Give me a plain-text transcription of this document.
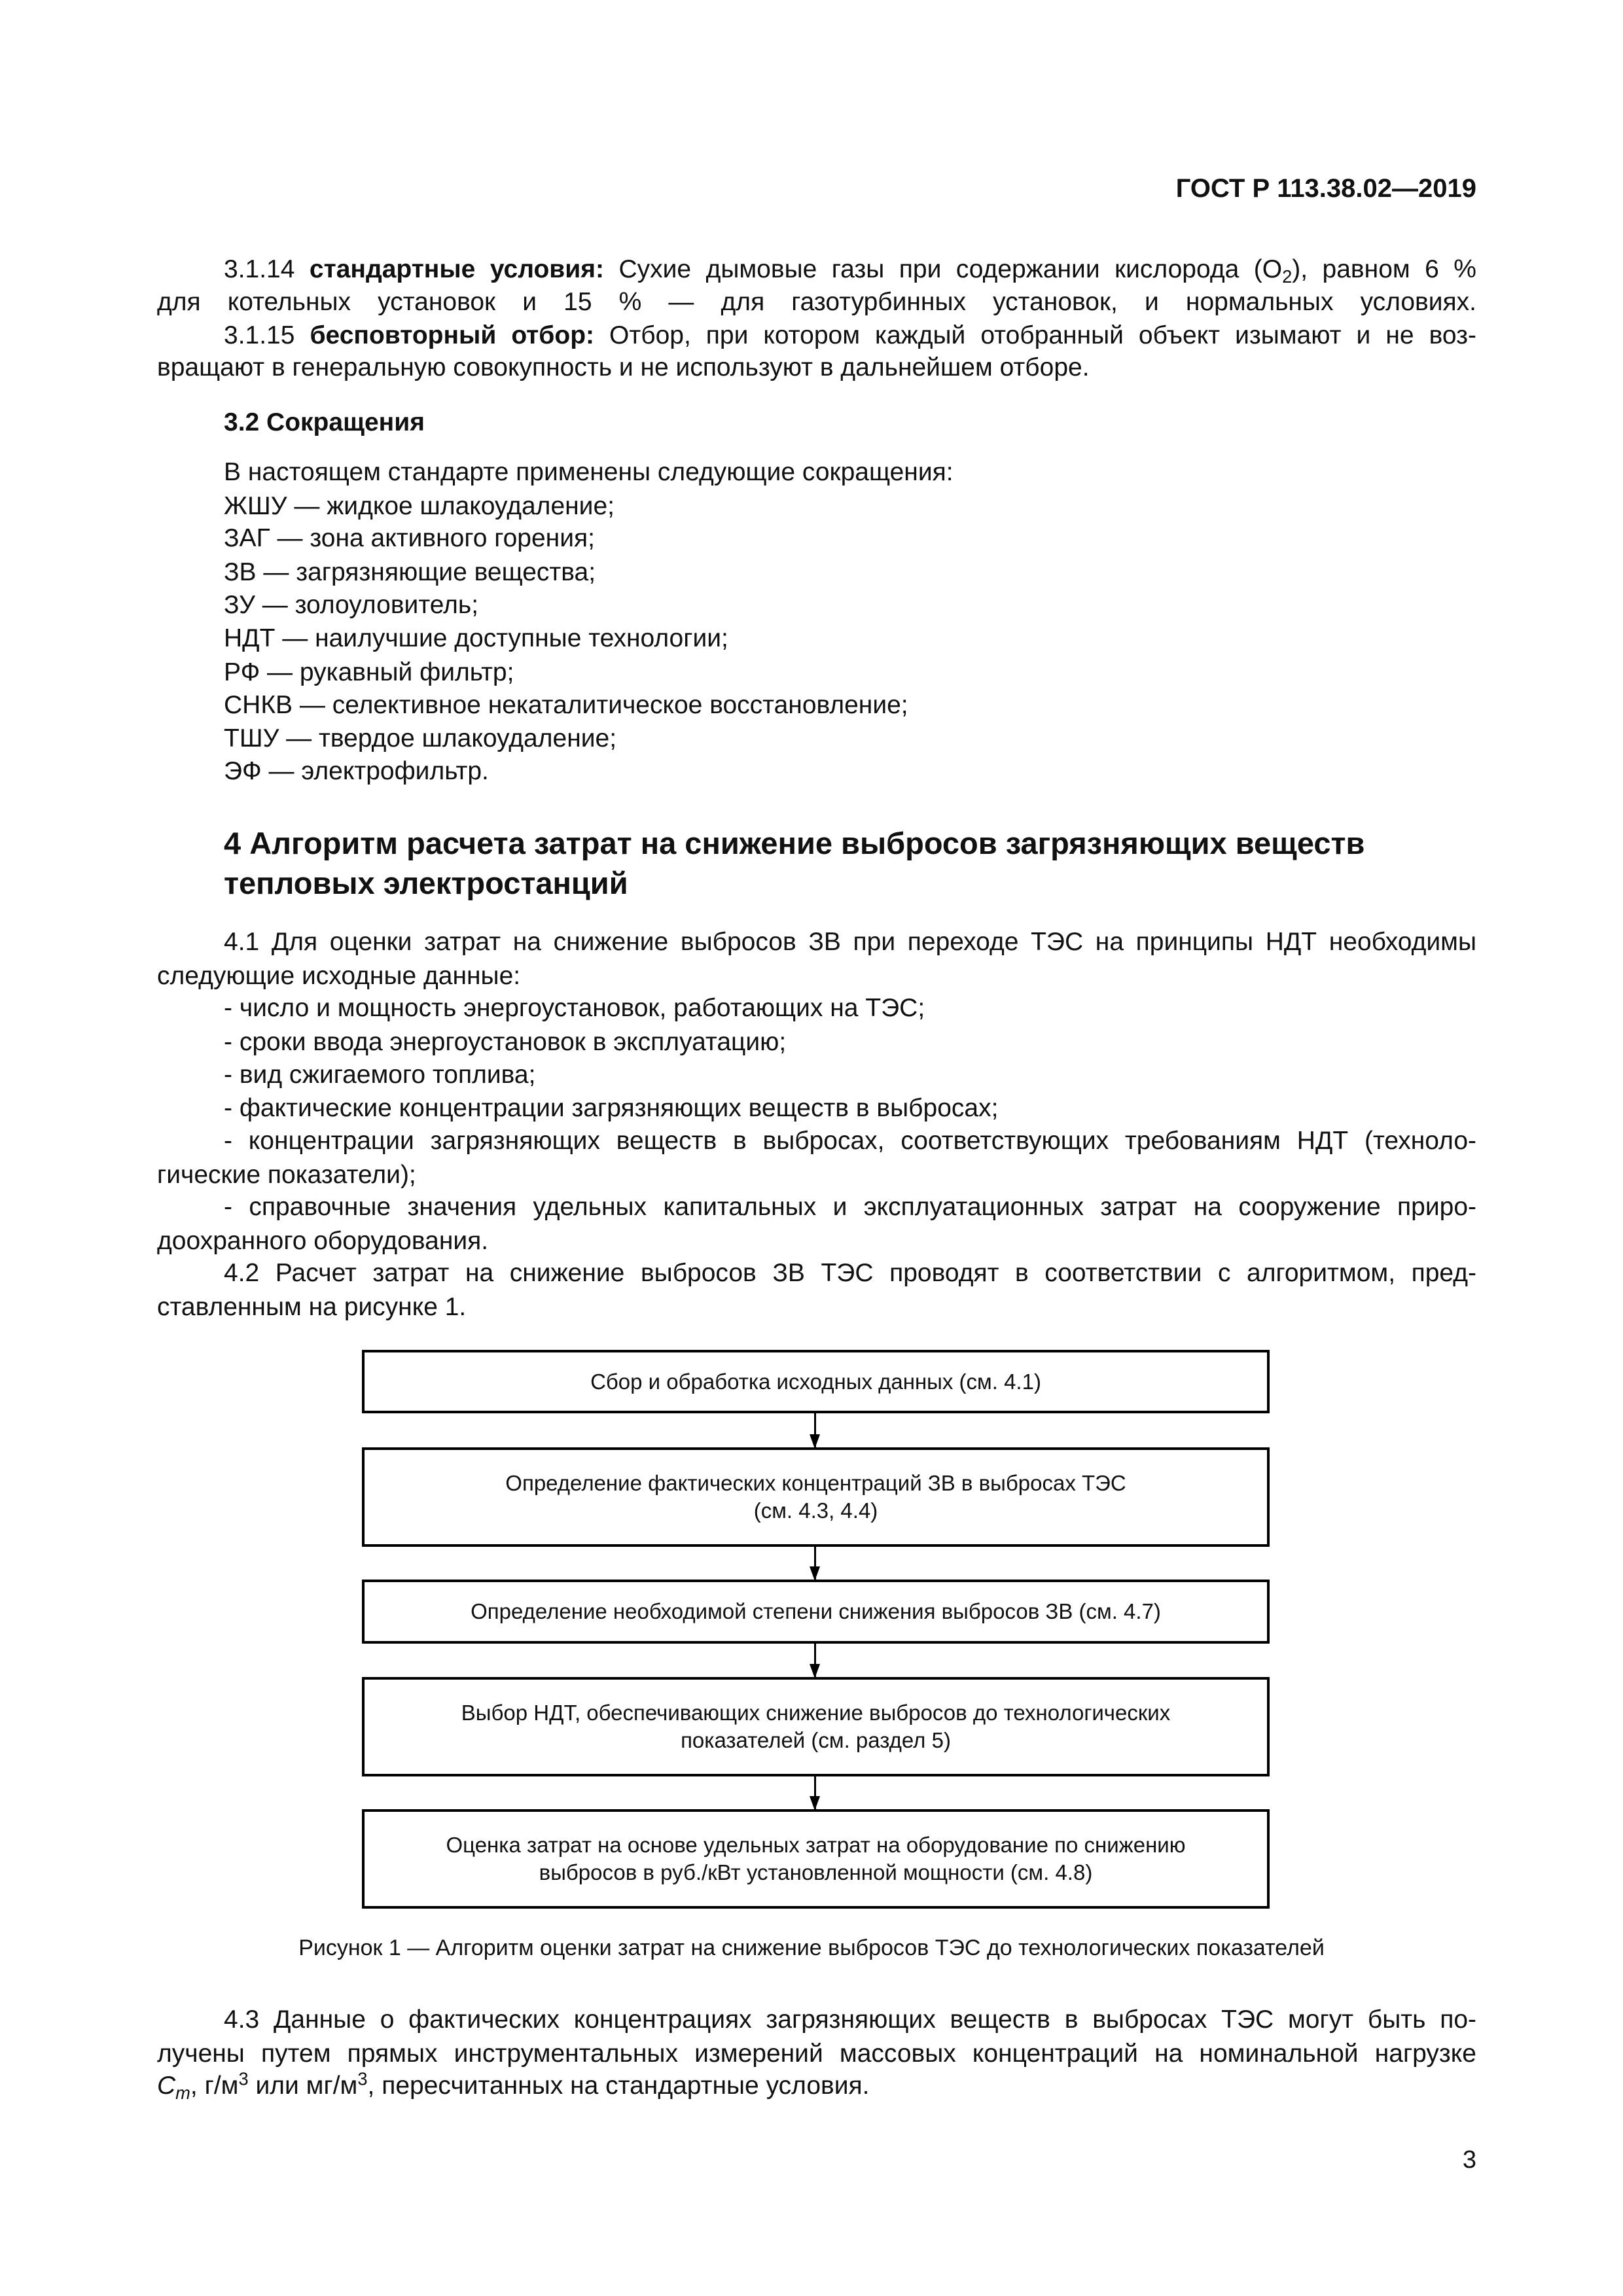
ГОСТ Р 113.38.02—2019
3.1.14 стандартные условия: Сухие дымовые газы при содержании кислорода $(O_2)$, равном 6 %
для котельных установок и 15 % — для газотурбинных установок, и нормальных условиях.
3.1.15 бесповторный отбор: Отбор, при котором каждый отобранный объект изымают и не воз-
вращают в генеральную совокупность и не используют в дальнейшем отборе.
3.2 Сокращения
В настоящем стандарте применены следующие сокращения:
ЖШУ — жидкое шлакоудаление;
ЗАГ — зона активного горения;
ЗВ — загрязняющие вещества;
ЗУ — золоуловитель;
НДТ — наилучшие доступные технологии;
РФ — рукавный фильтр;
СНКВ — селективное некаталитическое восстановление;
ТШУ — твердое шлакоудаление;
ЭФ — электрофильтр.
4 Алгоритм расчета затрат на снижение выбросов загрязняющих веществ
тепловых электростанций
4.1 Для оценки затрат на снижение выбросов ЗВ при переходе ТЭС на принципы НДТ необходимы
следующие исходные данные:
- число и мощность энергоустановок, работающих на ТЭС;
- сроки ввода энергоустановок в эксплуатацию;
- вид сжигаемого топлива;
- фактические концентрации загрязняющих веществ в выбросах;
- концентрации загрязняющих веществ в выбросах, соответствующих требованиям НДТ (техноло-
гические показатели);
- справочные значения удельных капитальных и эксплуатационных затрат на сооружение приро-
доохранного оборудования.
4.2 Расчет затрат на снижение выбросов ЗВ ТЭС проводят в соответствии с алгоритмом, пред-
ставленным на рисунке 1.
Сбор и обработка исходных данных (см. 4.1)
Определение фактических концентраций ЗВ в выбросах ТЭС
(см. 4.3, 4.4)
Определение необходимой степени снижения выбросов ЗВ (см. 4.7)
Выбор НДТ, обеспечивающих снижение выбросов до технологических
показателей (см. раздел 5)
Оценка затрат на основе удельных затрат на оборудование по снижению
выбросов в руб./кВт установленной мощности (см. 4.8)
Рисунок 1 — Алгоритм оценки затрат на снижение выбросов ТЭС до технологических показателей
4.3 Данные о фактических концентрациях загрязняющих веществ в выбросах ТЭС могут быть по-
лучены путем прямых инструментальных измерений массовых концентраций на номинальной нагрузке
$C_m$, $г/м^3$ или $мг/м^3$, пересчитанных на стандартные условия.
3
